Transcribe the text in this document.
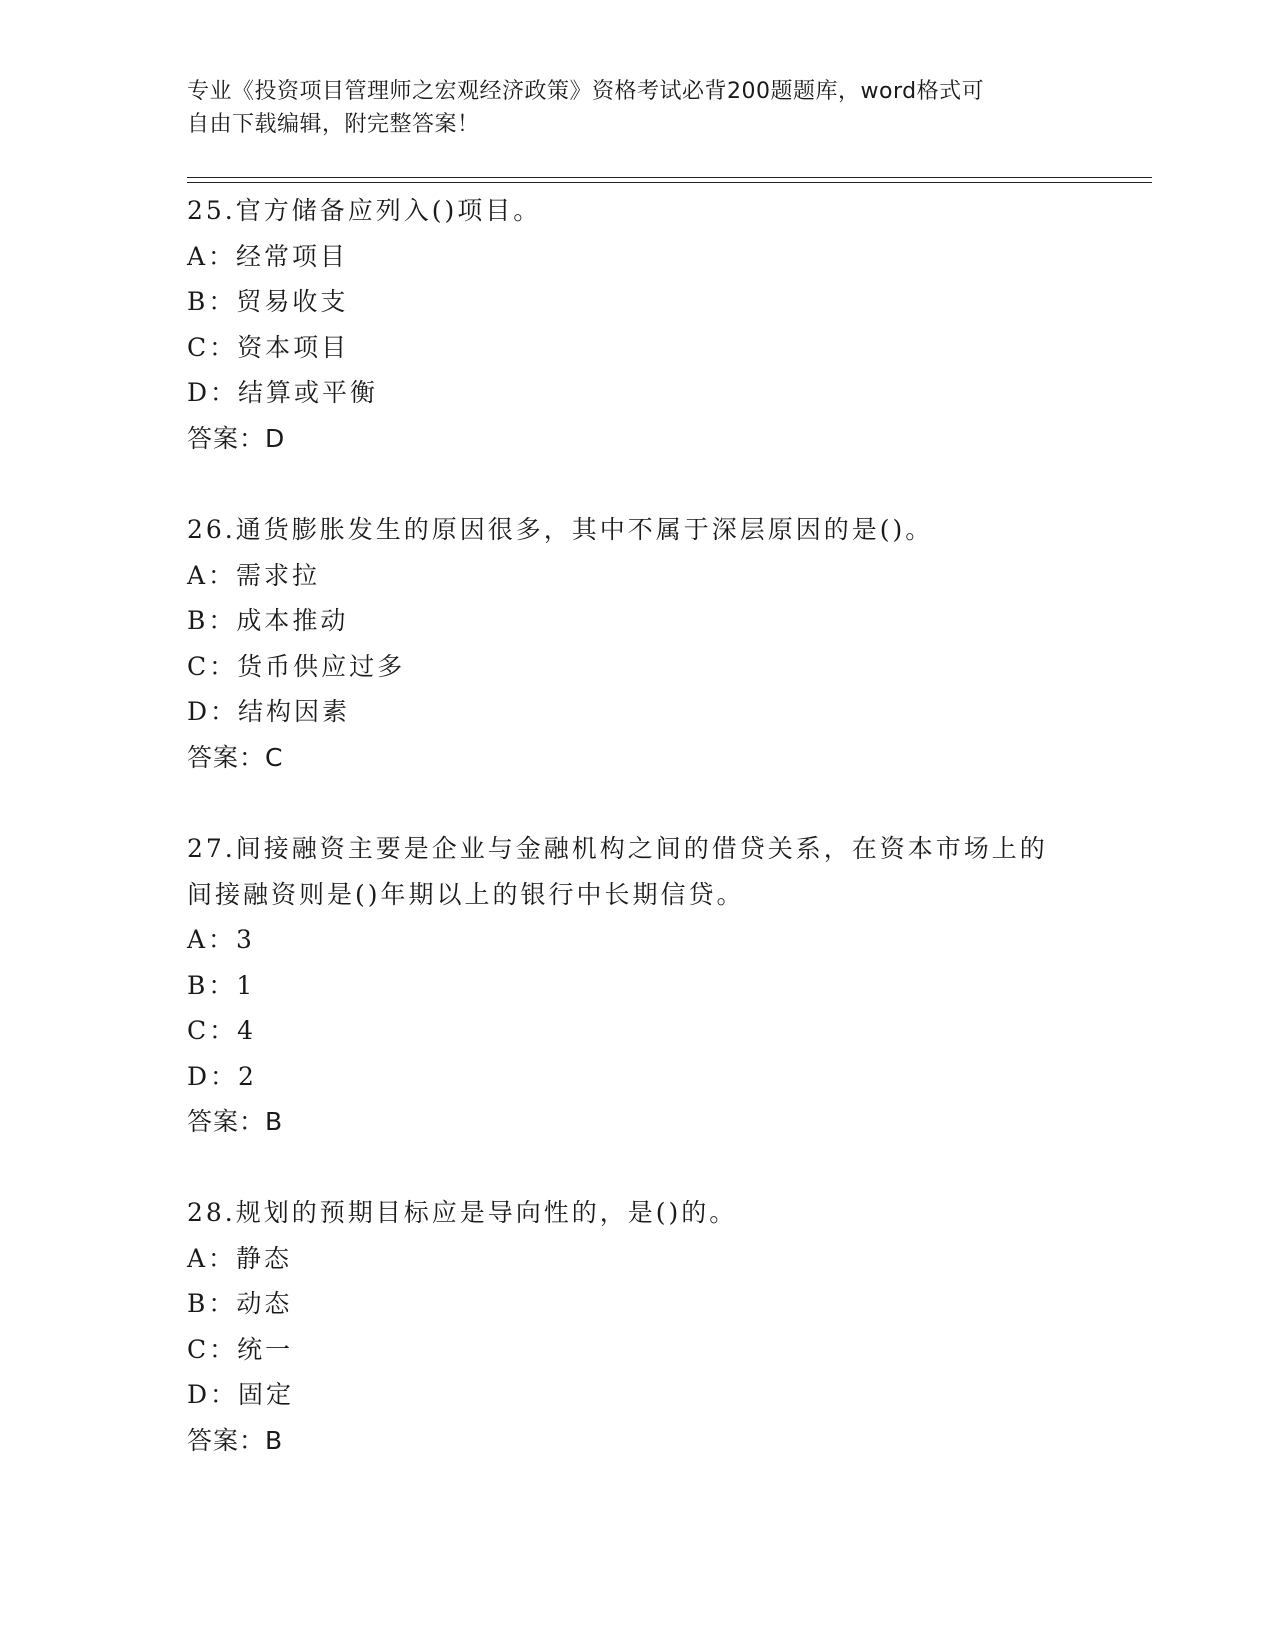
专业《投资项目管理师之宏观经济政策》资格考试必背200题题库，word格式可
自由下载编辑，附完整答案！
25.官方储备应列入()项目。
A：经常项目
B：贸易收支
C：资本项目
D：结算或平衡
答案：D
26.通货膨胀发生的原因很多，其中不属于深层原因的是()。
A：需求拉
B：成本推动
C：货币供应过多
D：结构因素
答案：C
27.间接融资主要是企业与金融机构之间的借贷关系，在资本市场上的
间接融资则是()年期以上的银行中长期信贷。
A：3
B：1
C：4
D：2
答案：B
28.规划的预期目标应是导向性的，是()的。
A：静态
B：动态
C：统一
D：固定
答案：B
